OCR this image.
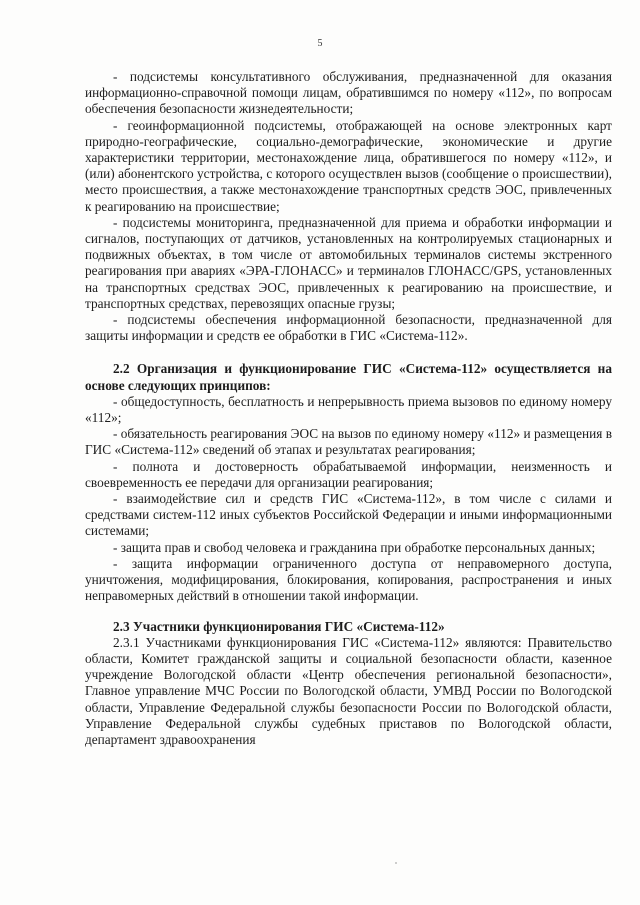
5

- подсистемы консультативного обслуживания, предназначенной для оказания информационно-справочной помощи лицам, обратившимся по номеру «112», по вопросам обеспечения безопасности жизнедеятельности;

- геоинформационной подсистемы, отображающей на основе электронных карт природно-географические, социально-демографические, экономические и другие характеристики территории, местонахождение лица, обратившегося по номеру «112», и (или) абонентского устройства, с которого осуществлен вызов (сообщение о происшествии), место происшествия, а также местонахождение транспортных средств ЭОС, привлеченных к реагированию на происшествие;

- подсистемы мониторинга, предназначенной для приема и обработки информации и сигналов, поступающих от датчиков, установленных на контролируемых стационарных и подвижных объектах, в том числе от автомобильных терминалов системы экстренного реагирования при авариях «ЭРА-ГЛОНАСС» и терминалов ГЛОНАСС/GPS, установленных на транспортных средствах ЭОС, привлеченных к реагированию на происшествие, и транспортных средствах, перевозящих опасные грузы;

- подсистемы обеспечения информационной безопасности, предназначенной для защиты информации и средств ее обработки в ГИС «Система-112».

2.2 Организация и функционирование ГИС «Система-112» осуществляется на основе следующих принципов:

- общедоступность, бесплатность и непрерывность приема вызовов по единому номеру «112»;

- обязательность реагирования ЭОС на вызов по единому номеру «112» и размещения в ГИС «Система-112» сведений об этапах и результатах реагирования;

- полнота и достоверность обрабатываемой информации, неизменность и своевременность ее передачи для организации реагирования;

- взаимодействие сил и средств ГИС «Система-112», в том числе с силами и средствами систем-112 иных субъектов Российской Федерации и иными информационными системами;

- защита прав и свобод человека и гражданина при обработке персональных данных;

- защита информации ограниченного доступа от неправомерного доступа, уничтожения, модифицирования, блокирования, копирования, распространения и иных неправомерных действий в отношении такой информации.

2.3 Участники функционирования ГИС «Система-112»

2.3.1 Участниками функционирования ГИС «Система-112» являются: Правительство области, Комитет гражданской защиты и социальной безопасности области, казенное учреждение Вологодской области «Центр обеспечения региональной безопасности», Главное управление МЧС России по Вологодской области, УМВД России по Вологодской области, Управление Федеральной службы безопасности России по Вологодской области, Управление Федеральной службы судебных приставов по Вологодской области, департамент здравоохранения
